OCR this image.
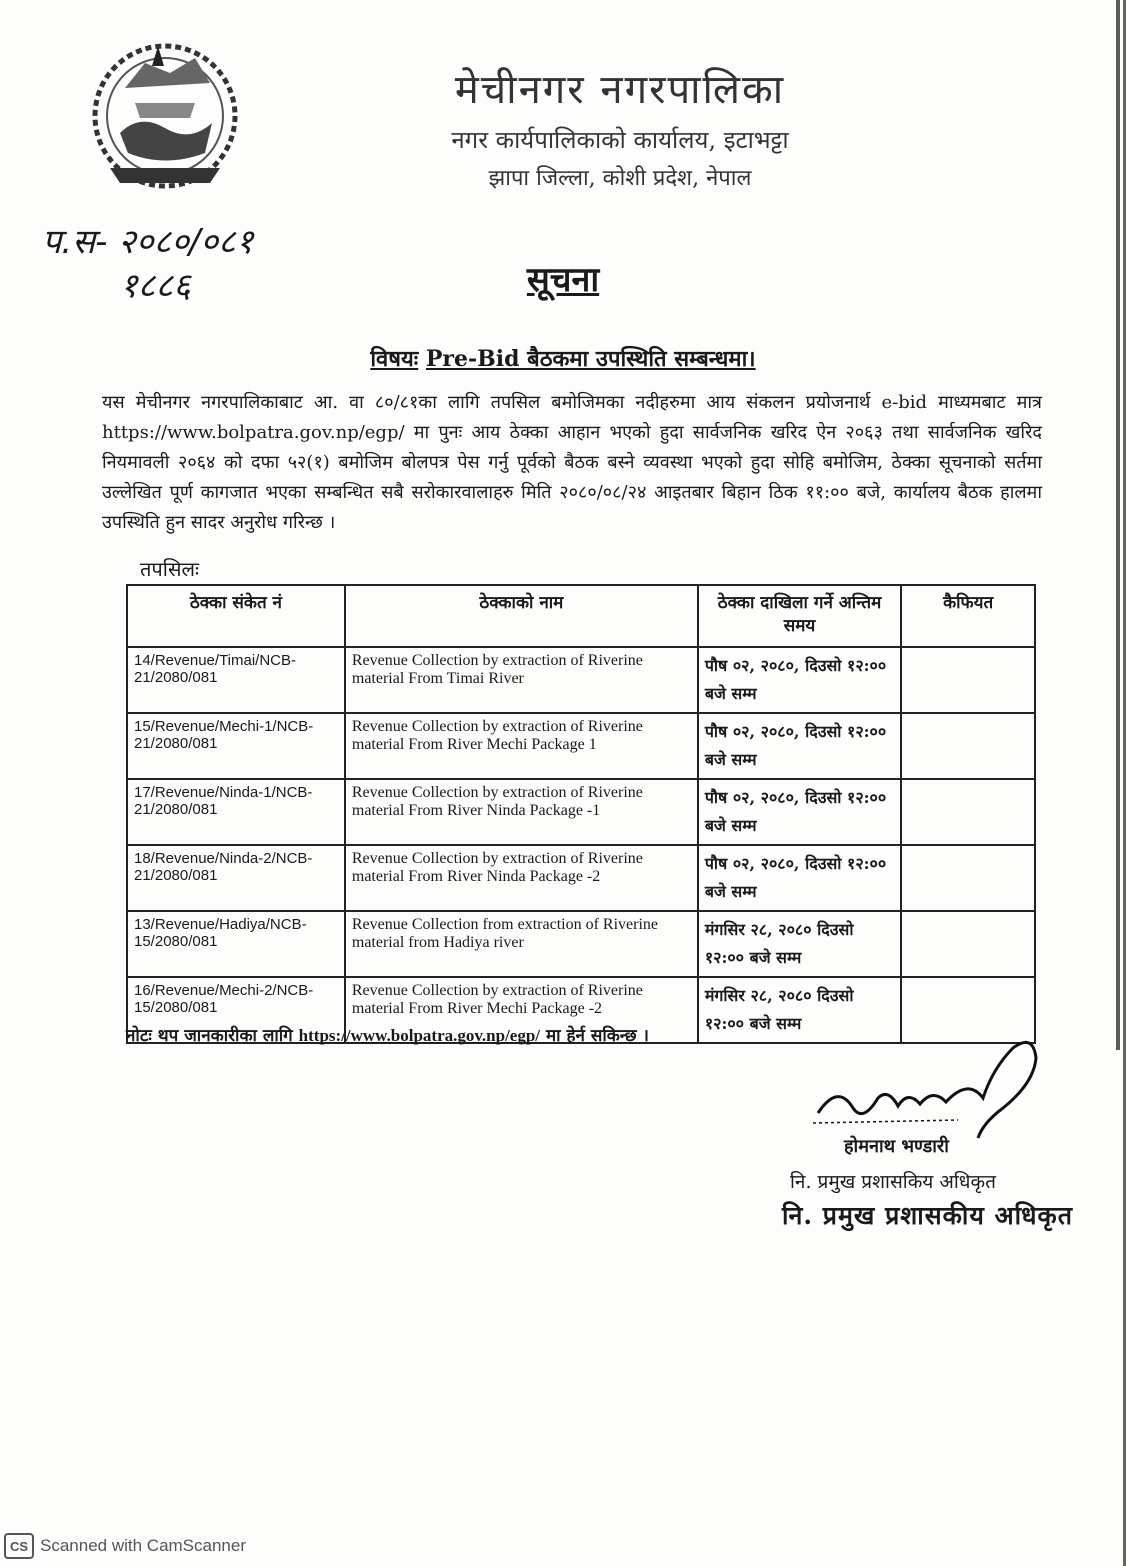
मेचीनगर नगरपालिका
नगर कार्यपालिकाको कार्यालय, इटाभट्टा
झापा जिल्ला, कोशी प्रदेश, नेपाल
प.स- २०८०/०८१
१८८६	सूचना
विषयः Pre-Bid बैठकमा उपस्थिति सम्बन्धमा।
यस मेचीनगर नगरपालिकाबाट आ. वा ८०/८१का लागि तपसिल बमोजिमका नदीहरुमा आय संकलन प्रयोजनार्थ e-bid माध्यमबाट मात्र https://www.bolpatra.gov.np/egp/ मा पुनः आय ठेक्का आहान भएको हुदा सार्वजनिक खरिद ऐन २०६३ तथा सार्वजनिक खरिद नियमावली २०६४ को दफा ५२(१) बमोजिम बोलपत्र पेस गर्नु पूर्वको बैठक बस्ने व्यवस्था भएको हुदा सोहि बमोजिम, ठेक्का सूचनाको सर्तमा उल्लेखित पूर्ण कागजात भएका सम्बन्धित सबै सरोकारवालाहरु मिति २०८०/०८/२४ आइतबार बिहान ठिक ११:०० बजे, कार्यालय बैठक हालमा उपस्थिति हुन सादर अनुरोध गरिन्छ ।
तपसिलः
ठेक्का संकेत नं	ठेक्काको नाम	ठेक्का दाखिला गर्ने अन्तिम समय	कैफियत
14/Revenue/Timai/NCB-21/2080/081	Revenue Collection by extraction of Riverine material From Timai River	पौष ०२, २०८०, दिउसो १२:०० बजे सम्म	
15/Revenue/Mechi-1/NCB-21/2080/081	Revenue Collection by extraction of Riverine material From River Mechi Package 1	पौष ०२, २०८०, दिउसो १२:०० बजे सम्म	
17/Revenue/Ninda-1/NCB-21/2080/081	Revenue Collection by extraction of Riverine material From River Ninda Package -1	पौष ०२, २०८०, दिउसो १२:०० बजे सम्म	
18/Revenue/Ninda-2/NCB-21/2080/081	Revenue Collection by extraction of Riverine material From River Ninda Package -2	पौष ०२, २०८०, दिउसो १२:०० बजे सम्म	
13/Revenue/Hadiya/NCB-15/2080/081	Revenue Collection from extraction of Riverine material from Hadiya river	मंगसिर २८, २०८० दिउसो १२:०० बजे सम्म	
16/Revenue/Mechi-2/NCB-15/2080/081	Revenue Collection by extraction of Riverine material From River Mechi Package -2	मंगसिर २८, २०८० दिउसो १२:०० बजे सम्म	
नोटः थप जानकारीका लागि https://www.bolpatra.gov.np/egp/ मा हेर्न सकिन्छ ।
होमनाथ भण्डारी
नि. प्रमुख प्रशासकिय अधिकृत
नि. प्रमुख प्रशासकीय अधिकृत
CS Scanned with CamScanner
